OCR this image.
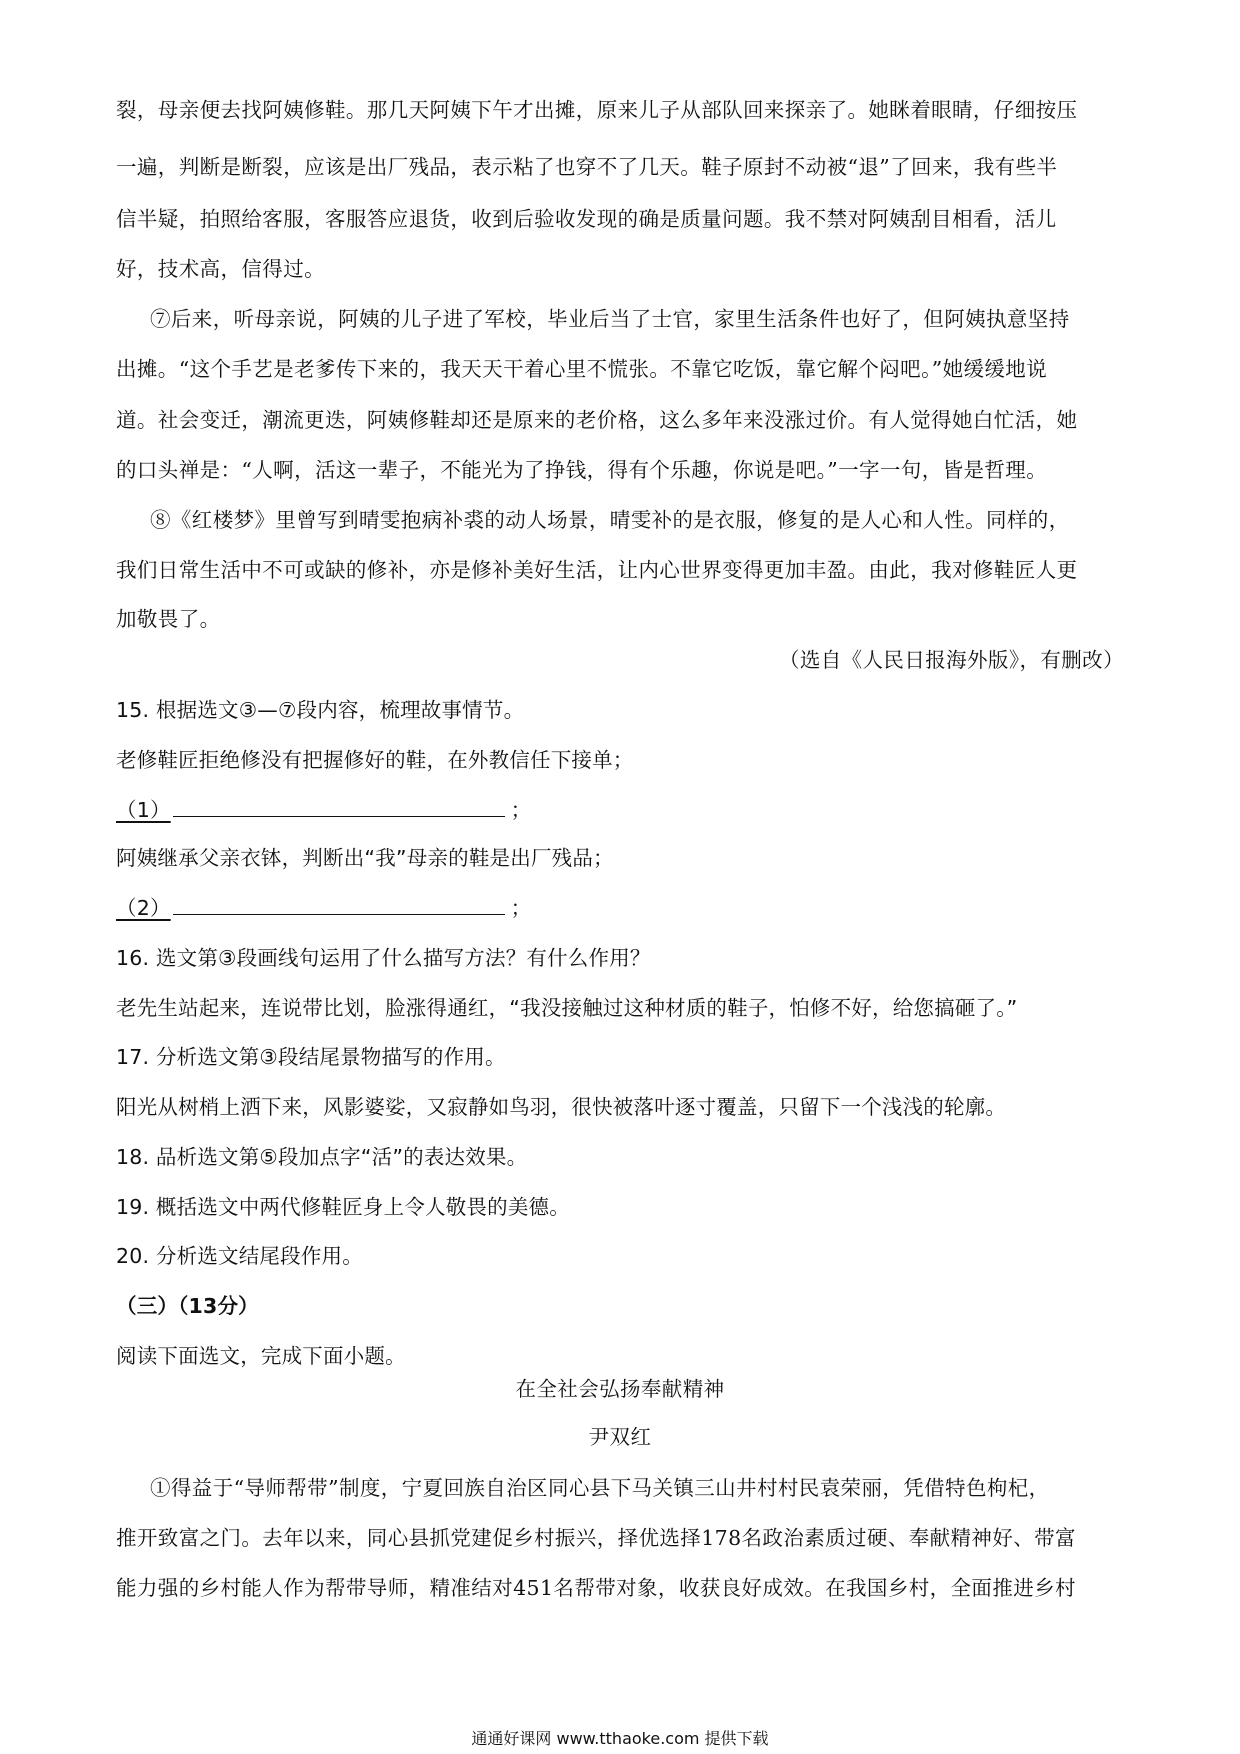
裂，母亲便去找阿姨修鞋。那几天阿姨下午才出摊，原来儿子从部队回来探亲了。她眯着眼睛，仔细按压
一遍，判断是断裂，应该是出厂残品，表示粘了也穿不了几天。鞋子原封不动被“退”了回来，我有些半
信半疑，拍照给客服，客服答应退货，收到后验收发现的确是质量问题。我不禁对阿姨刮目相看，活儿
好，技术高，信得过。
⑦后来，听母亲说，阿姨的儿子进了军校，毕业后当了士官，家里生活条件也好了，但阿姨执意坚持
出摊。“这个手艺是老爹传下来的，我天天干着心里不慌张。不靠它吃饭，靠它解个闷吧。”她缓缓地说
道。社会变迁，潮流更迭，阿姨修鞋却还是原来的老价格，这么多年来没涨过价。有人觉得她白忙活，她
的口头禅是：“人啊，活这一辈子，不能光为了挣钱，得有个乐趣，你说是吧。”一字一句，皆是哲理。
⑧《红楼梦》里曾写到晴雯抱病补裘的动人场景，晴雯补的是衣服，修复的是人心和人性。同样的，
我们日常生活中不可或缺的修补，亦是修补美好生活，让内心世界变得更加丰盈。由此，我对修鞋匠人更
加敬畏了。
（选自《人民日报海外版》，有删改）
15. 根据选文③—⑦段内容，梳理故事情节。
老修鞋匠拒绝修没有把握修好的鞋，在外教信任下接单；
（1）	；
阿姨继承父亲衣钵，判断出“我”母亲的鞋是出厂残品；
（2）	；
16. 选文第③段画线句运用了什么描写方法？有什么作用？
老先生站起来，连说带比划，脸涨得通红，“我没接触过这种材质的鞋子，怕修不好，给您搞砸了。”
17. 分析选文第③段结尾景物描写的作用。
阳光从树梢上洒下来，风影婆娑，又寂静如鸟羽，很快被落叶逐寸覆盖，只留下一个浅浅的轮廓。
18. 品析选文第⑤段加点字“活”的表达效果。
19. 概括选文中两代修鞋匠身上令人敬畏的美德。
20. 分析选文结尾段作用。
（三）（13分）
阅读下面选文，完成下面小题。
在全社会弘扬奉献精神
尹双红
①得益于“导师帮带”制度，宁夏回族自治区同心县下马关镇三山井村村民袁荣丽，凭借特色枸杞，
推开致富之门。去年以来，同心县抓党建促乡村振兴，择优选择178名政治素质过硬、奉献精神好、带富
能力强的乡村能人作为帮带导师，精准结对451名帮带对象，收获良好成效。在我国乡村，全面推进乡村
通通好课网 www.tthaoke.com 提供下载
